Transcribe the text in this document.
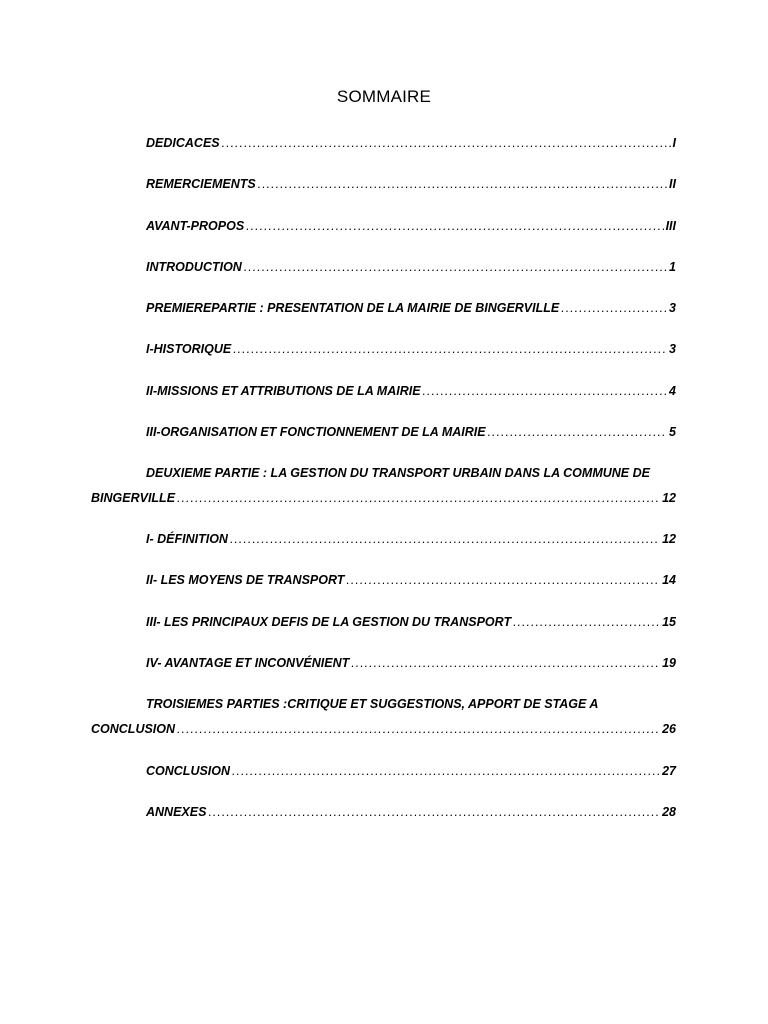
SOMMAIRE
DEDICACES .....	I
REMERCIEMENTS .....	II
AVANT-PROPOS .....	III
INTRODUCTION .....	1
PREMIEREPARTIE : PRESENTATION DE LA MAIRIE DE BINGERVILLE .....	3
I-HISTORIQUE .....	3
II-MISSIONS ET ATTRIBUTIONS DE LA MAIRIE .....	4
III-ORGANISATION ET FONCTIONNEMENT DE LA MAIRIE .....	5
DEUXIEME PARTIE : LA GESTION DU TRANSPORT URBAIN DANS LA COMMUNE DE
BINGERVILLE .....	12
I- DÉFINITION .....	12
II- LES MOYENS DE TRANSPORT .....	14
III- LES PRINCIPAUX DEFIS DE LA GESTION DU TRANSPORT .....	15
IV- AVANTAGE ET INCONVÉNIENT .....	19
TROISIEMES PARTIES :CRITIQUE ET SUGGESTIONS, APPORT DE STAGE A
CONCLUSION .....	26
CONCLUSION .....	27
ANNEXES .....	28
